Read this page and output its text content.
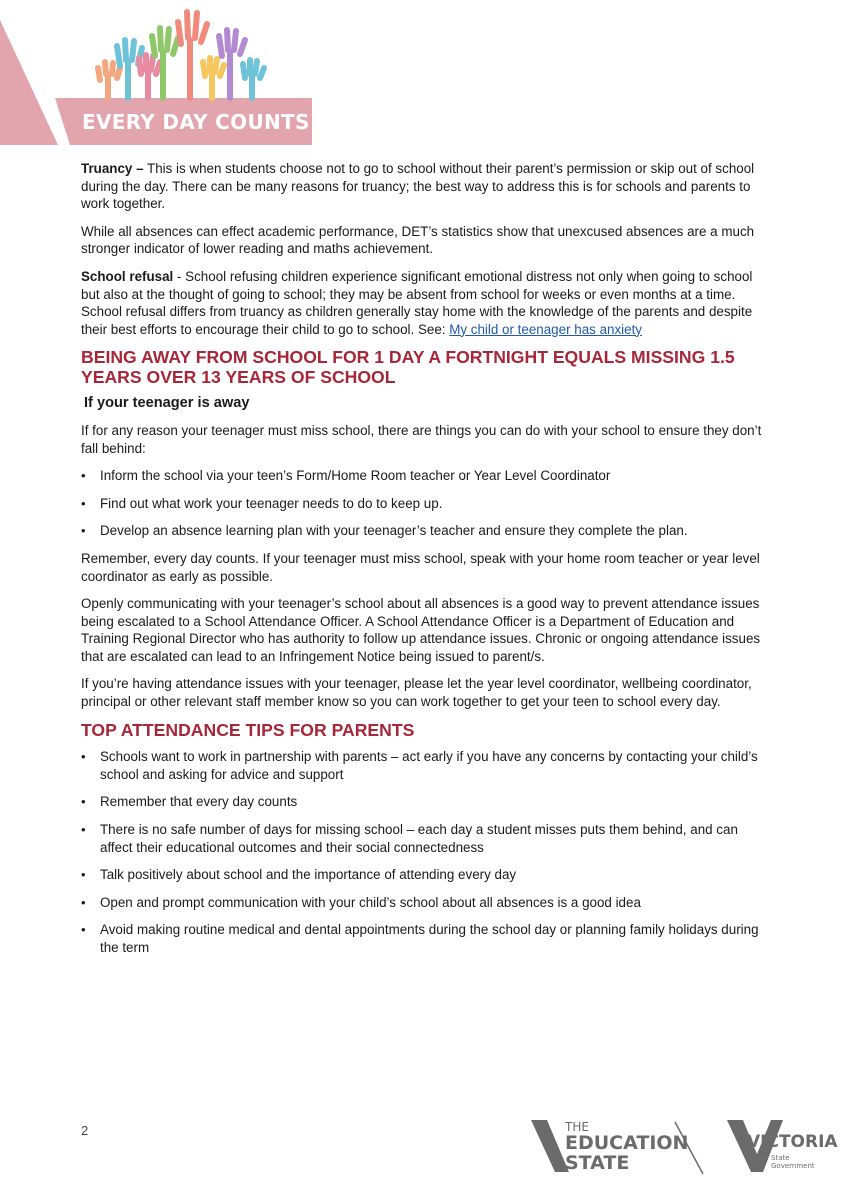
EVERY DAY COUNTS

Truancy – This is when students choose not to go to school without their parent’s permission or skip out of school during the day. There can be many reasons for truancy; the best way to address this is for schools and parents to work together.

While all absences can effect academic performance, DET’s statistics show that unexcused absences are a much stronger indicator of lower reading and maths achievement.

School refusal - School refusing children experience significant emotional distress not only when going to school but also at the thought of going to school; they may be absent from school for weeks or even months at a time. School refusal differs from truancy as children generally stay home with the knowledge of the parents and despite their best efforts to encourage their child to go to school. See: My child or teenager has anxiety

BEING AWAY FROM SCHOOL FOR 1 DAY A FORTNIGHT EQUALS MISSING 1.5 YEARS OVER 13 YEARS OF SCHOOL
If your teenager is away

If for any reason your teenager must miss school, there are things you can do with your school to ensure they don’t fall behind:

• Inform the school via your teen’s Form/Home Room teacher or Year Level Coordinator
• Find out what work your teenager needs to do to keep up.
• Develop an absence learning plan with your teenager’s teacher and ensure they complete the plan.

Remember, every day counts. If your teenager must miss school, speak with your home room teacher or year level coordinator as early as possible.

Openly communicating with your teenager’s school about all absences is a good way to prevent attendance issues being escalated to a School Attendance Officer. A School Attendance Officer is a Department of Education and Training Regional Director who has authority to follow up attendance issues. Chronic or ongoing attendance issues that are escalated can lead to an Infringement Notice being issued to parent/s.

If you’re having attendance issues with your teenager, please let the year level coordinator, wellbeing coordinator, principal or other relevant staff member know so you can work together to get your teen to school every day.

TOP ATTENDANCE TIPS FOR PARENTS
• Schools want to work in partnership with parents – act early if you have any concerns by contacting your child’s school and asking for advice and support
• Remember that every day counts
• There is no safe number of days for missing school – each day a student misses puts them behind, and can affect their educational outcomes and their social connectedness
• Talk positively about school and the importance of attending every day
• Open and prompt communication with your child’s school about all absences is a good idea
• Avoid making routine medical and dental appointments during the school day or planning family holidays during the term
2	THE
EDUCATION
STATE
VICTORIA
State
Government
